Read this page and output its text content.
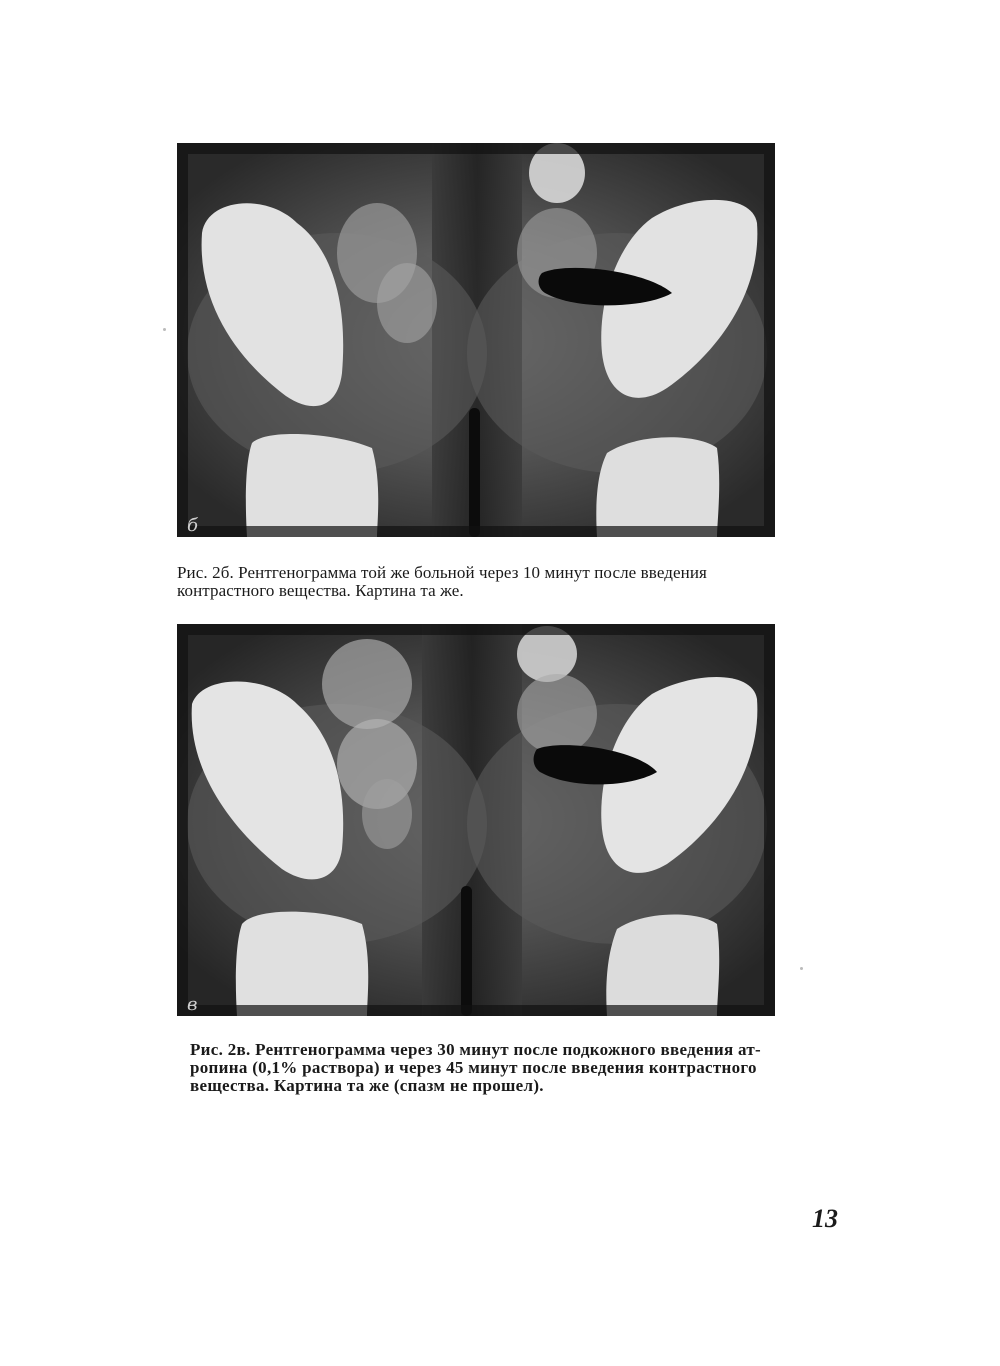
б
Рис. 2б. Рентгенограмма той же больной через 10 минут после введения
контрастного вещества. Картина та же.
в
Рис. 2в. Рентгенограмма через 30 минут после подкожного введения ат-
ропина (0,1% раствора) и через 45 минут после введения контрастного
вещества. Картина та же (спазм не прошел).
13
